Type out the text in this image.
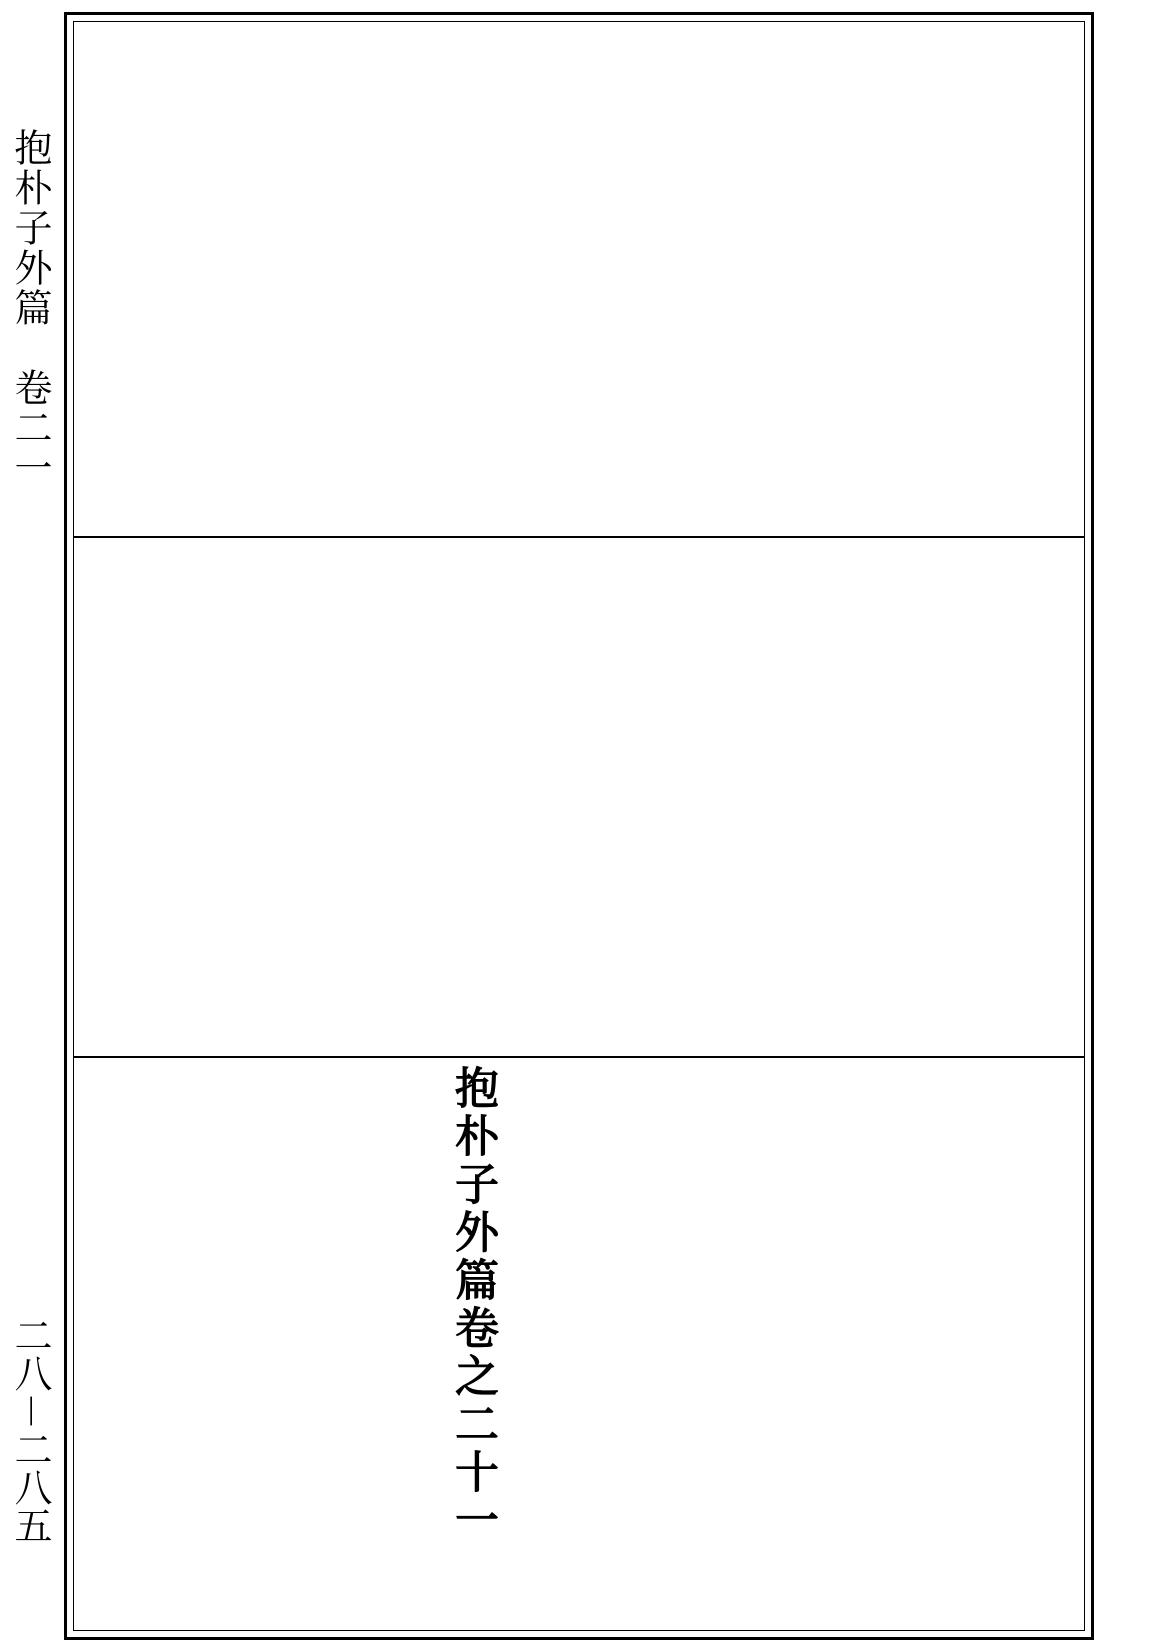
抱朴子外篇　卷二一
二八－二八五	抱朴子外篇卷之二十一
